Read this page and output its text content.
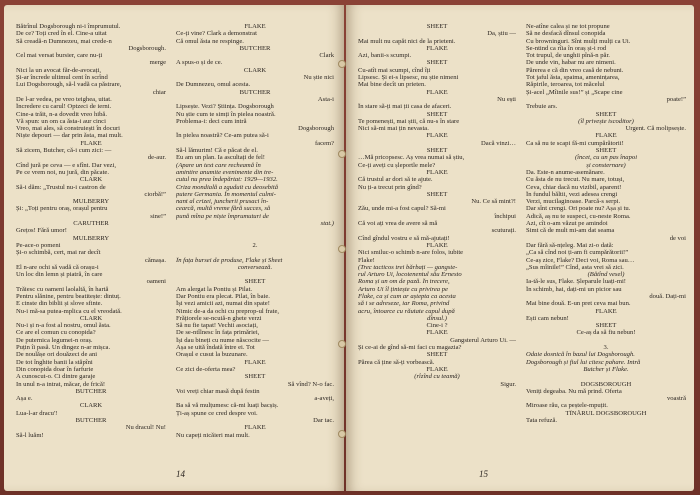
Bătrînul Dogsborough ni-i împrumutul.
De ce? Toți cred în el. Cine-a uitat
Să creadă-n Dumnezeu, mai crede-n
Dogsborough.
Cel mai versat bursier, care nu-ți
merge
Nici la un avocat făr-de-avocați,
Și-ar încrede ultimul cent în scrînd
Lui Dogsborough, să-l vadă ca păstrare,
chiar
De l-ar vedea, pe vreo teighea, uitat.
Încredere cu carul! Optzeci de ierni.
Cine-a trăit, n-a dovedit vreo hibă.
Vă spun: un om ca ăsta-i aur cinci
Vreo, mai ales, să construiești în docuri
Niște depouri — dar prin ăsta, mai mult.
FLAKE
Să zicem, Butcher, că-i cum zici: —
de-aur.
Cînd jură pe ceva — e sfînt. Dar vezi,
Pe ce vrem noi, nu jură, din păcate.
CLARK
Să-i dăm: „Trustul nu-i castron de
ciorbă!”
MULBERRY
Și: „Toți pentru oraș, orașul pentru
sine!”
CARUTHER
Grețos! Fără umor!
MULBERRY
Pe-ace-o pomeni
Și-o schimbă, cert, mai rar decît
cămașa.
El n-are ochi să vadă că orașu-i
Un loc din lemn și piatră, în care
oameni
Trăiesc cu oameni laolaltă, în hartă
Pentru slănine, pentru beatitește: dintuț.
E cinste din biblii și slove sfinte.
Nu-i mă-sa putea-mplica cu el vreodată.
CLARK
Nu-i și n-a fost al nostru, omul ăsta.
Ce are el comun cu conopida?
De puternica legumei-n oraș.
Puțin îi pasă. Un dingez n-ar mișca.
De noulășe ori douăzeci de ani
De tot înghite banii la stăpîni
Din conopida doar în farfurie
A cunoscut-o. Ci dintre garaje
In unul n-a intrat, măcar, de frică!
BUTCHER
Așa e.
CLARK
Lua-l-ar dracu'!
BUTCHER
Nu dracul! Nu!
Să-l luăm!
FLAKE
Ce-ți vine? Clark a demonstrat
Că omul ăsta ne respinge.
BUTCHER
Clark
A spus-o și de ce.
CLARK
Nu știe nici
De Dumnezeu, omul acesta.
BUTCHER
Asta-i
Lipsește. Vezi? Știința. Dogsborough
Nu știe cum te simți în pielea noastră.
Problema-i: deci cum intră
Dogsborough
În pielea noastră? Ce-am putea să-i
facem?
Să-l lămurim! Că e păcat de el.
Eu am un plan. Ia ascultați de fel!
(Apare un text care recheamă în
amintire anumite evenimente din tre-
cutul nu prea îndepărtat: 1929—1932.
Criza mondială a zguduit cu deosebită
putere Germania. În momentul culmi-
nant al crizei, juncherii prusaci în-
cearcă, multă vreme fără succes, să
pună mîna pe niște împrumuturi de
stat.)
2.
În fața bursei de produse, Flake și Sheet
conversează.
SHEET
Am alergat la Pontiu și Pilat.
Dar Pontiu era plecat. Pilat, în baie.
Își vezi amicii azi, numai din spate!
Nimic de-a da ochi cu preprop-ul frate,
Frățiorele se-ncuiă-n ghete verzi
Să nu fie tapat! Vechii asociați,
De se-ntîlnesc în fața primăriei,
Își dau bineți cu nume născocite —
Așa se uită îndată între ei. Tot
Orașul e cusut la buzunare.
FLAKE
Ce zici de-oferta mea?
SHEET
Să vînd? N-o fac.
Voi vreți chiar masă după festin
a-aveți,
Ba să vă mulțumesc că-mi luați bacșiș.
Ți-aș spune ce cred despre voi.
Dar tac.
FLAKE
Nu capeți nicăieri mai mult.
14
SHEET
Da, știu —
Mai mult nu capăt nici de la prieteni.
FLAKE
Azi, banii-s scumpi.
SHEET
Cu-atît mai scumpi, cînd îți
Lipsesc. Și ei-s lipsesc, nu știe nimeni
Mai bine decît un prieten.
FLAKE
Nu ești
În stare să-ți mai ții casa de afaceri.
SHEET
Te pomenești, mai știi, că nu-s în stare
Nici să-mi mai țin nevasta.
FLAKE
Dacă vinzi…
SHEET
…Mă pricopsesc. Aș vrea numai să știu,
Ce-ți aveți cu șleportle mele?
FLAKE
Că trustul ar dori să te ajute.
Nu ți-a trecut prin gînd?
SHEET
Nu. Ce să mint?!
Zău, unde mi-a fost capul? Să-mi
închipui
Că voi ați vrea de avere să mă
scuturați.
Cînd gîndul vostru e să mă-ajutați!
FLAKE
Nici smiluc-o schimb n-are folos, iubite
Flake!
(Trec tacticos trei bărbați — gangste-
rul Arturo Ui, locotenentul său Ernesto
Roma și un om de pază. În trecere,
Arturo Ui îl țintește cu privirea pe
Flake, ca și cum ar aștepta ca acesta
să i se adreseze, iar Roma, privind
acru, întoarce cu răutate capul după
dînsul.)
Cine-i ?
FLAKE
Gangsterul Arturo Ui. —
Și ce-ai de gînd să-mi faci cu magazia?
SHEET
Părea că ține să-ți vorbească.
FLAKE
(rîzînd cu teamă)
Sigur.
Ne-atîne calea și ne tot propune
Să ne desfacă dînsul conopida
Cu browninguri. Sînt mulți mulți ca Ui.
Se-ntind ca rîia în oraș și-i rod
Tot trupul, de unghii pînă-n păr.
De unde vin, habar nu are nimeni.
Părerea e că din vreo casă de nebuni.
Tot jaful ăsta, spaima, amenințarea,
Răpirile, teroarea, tot măcelul
Și-acel „Mîinile sus!” și „Scape cine
poate!”
Trebuie ars.
SHEET
(îl privește iscoditor)
Urgent. Că molipsește.
FLAKE
Ca să nu te scapi fă-mi cumpărătorii!
SHEET
(încet, cu un pas înapoi
și consternare)
Da. Este-n anume-asemănare.
Cu ăsta de nu trecut. Nu mare, totuși,
Ceva, chiar dacă nu vizibil, aparent!
În fundul băltii, vezi adesea crengi
Verzi, mucilaginoase. Parcă-s serpi.
Dar sînt crengi. Ori poate nu? Așa și tu.
Adică, aș nu te suspeci, cu-neste Roma.
Azi, cît o-am văzut pe amindoi
Simt că de mult mi-am dat seama
de voi
Dar fără să-nțeleg. Mai zi-o dată:
„Ca să cînd noi ți-am fi cumpărătorii!”
Ce-aș zice, Flake? Deci voi, Roma sau…
„Sus mîinile!” Cînd, asta vrei să zici.
(Bătînd vesel)
Ia-tă-le sus, Flake. Șleparule luați-mi!
În schimb, hai, dați-mi un picior sau
două. Dați-mi
Mai bine două. E-un pret ceva mai bun.
FLAKE
Ești cam nebun!
SHEET
Ce-aș da să fiu nebun!
3.
Odaie dosnică în bazul lui Dogsborough.
Dogsborough și fiul lui citesc pahare. Intră
Butcher și Flake.
DOGSBOROUGH
Veniți degeaba. Nu mă prind. Oferta
voastră
Miroase rău, ca peștele-mpuțit.
TÎNĂRUL DOGSBOROUGH
Tata refuză.
15
